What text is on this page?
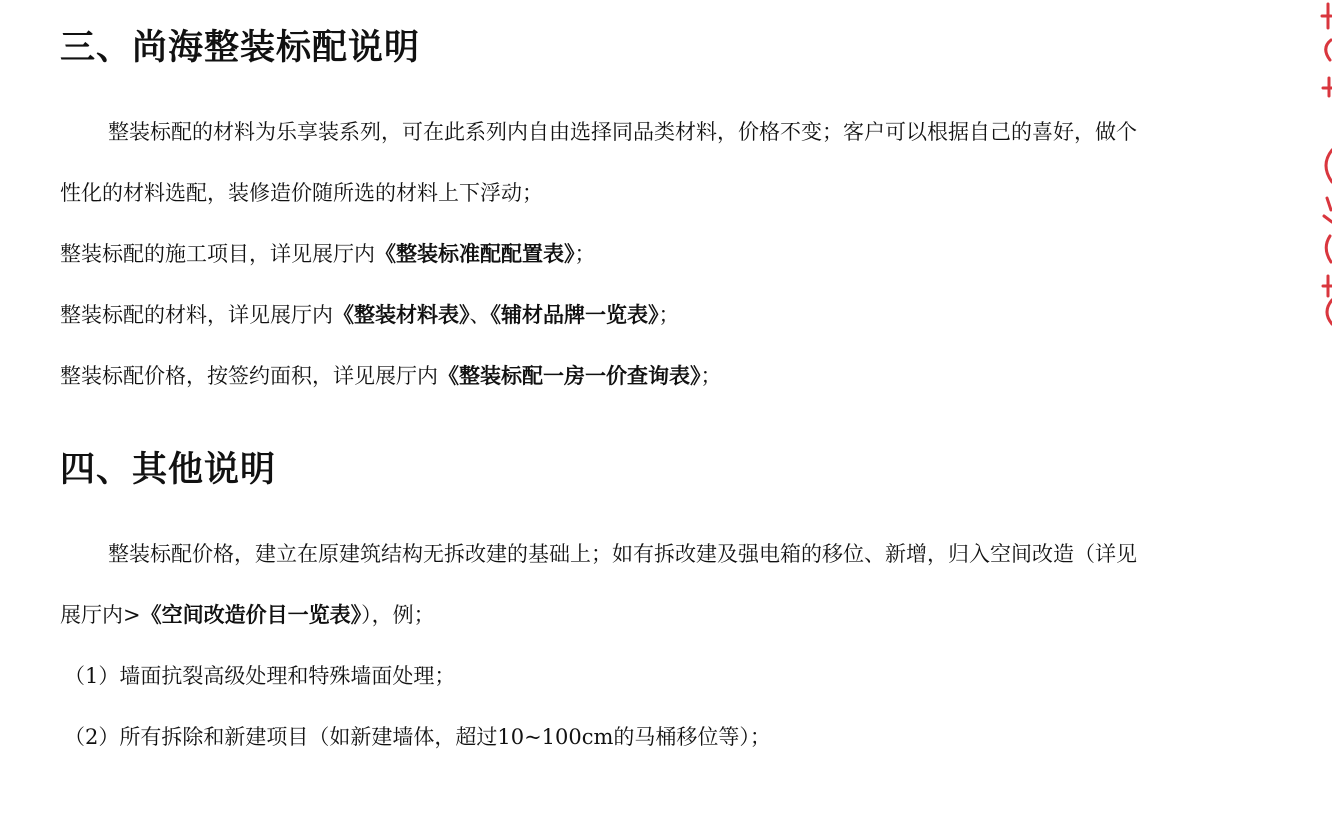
三、尚海整装标配说明

整装标配的材料为乐享装系列，可在此系列内自由选择同品类材料，价格不变；客户可以根据自己的喜好，做个

性化的材料选配，装修造价随所选的材料上下浮动；

整装标配的施工项目，详见展厅内《整装标准配配置表》；

整装标配的材料，详见展厅内《整装材料表》、《辅材品牌一览表》；

整装标配价格，按签约面积，详见展厅内《整装标配一房一价查询表》；

四、其他说明

整装标配价格，建立在原建筑结构无拆改建的基础上；如有拆改建及强电箱的移位、新增，归入空间改造（详见

展厅内>《空间改造价目一览表》），例；

（1）墙面抗裂高级处理和特殊墙面处理；

（2）所有拆除和新建项目（如新建墙体，超过10~100cm的马桶移位等）；
